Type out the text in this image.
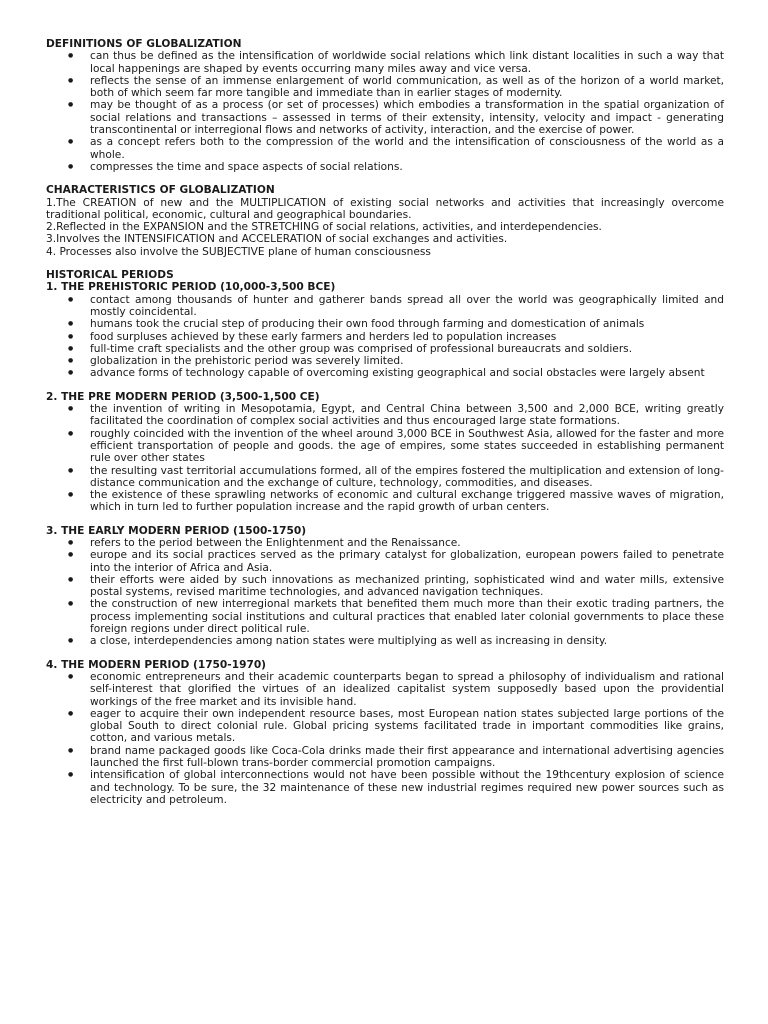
DEFINITIONS OF GLOBALIZATION

● can thus be defined as the intensification of worldwide social relations which link distant localities in such a way that local happenings are shaped by events occurring many miles away and vice versa.
● reflects the sense of an immense enlargement of world communication, as well as of the horizon of a world market, both of which seem far more tangible and immediate than in earlier stages of modernity.
● may be thought of as a process (or set of processes) which embodies a transformation in the spatial organization of social relations and transactions – assessed in terms of their extensity, intensity, velocity and impact - generating transcontinental or interregional flows and networks of activity, interaction, and the exercise of power.
● as a concept refers both to the compression of the world and the intensification of consciousness of the world as a whole.
● compresses the time and space aspects of social relations.

CHARACTERISTICS OF GLOBALIZATION

1.The CREATION of new and the MULTIPLICATION of existing social networks and activities that increasingly overcome traditional political, economic, cultural and geographical boundaries.

2.Reflected in the EXPANSION and the STRETCHING of social relations, activities, and interdependencies.

3.Involves the INTENSIFICATION and ACCELERATION of social exchanges and activities.

4. Processes also involve the SUBJECTIVE plane of human consciousness

HISTORICAL PERIODS

1. THE PREHISTORIC PERIOD (10,000-3,500 BCE)

● contact among thousands of hunter and gatherer bands spread all over the world was geographically limited and mostly coincidental.
● humans took the crucial step of producing their own food through farming and domestication of animals
● food surpluses achieved by these early farmers and herders led to population increases
● full-time craft specialists and the other group was comprised of professional bureaucrats and soldiers.
● globalization in the prehistoric period was severely limited.
● advance forms of technology capable of overcoming existing geographical and social obstacles were largely absent

2. THE PRE MODERN PERIOD (3,500-1,500 CE)

● the invention of writing in Mesopotamia, Egypt, and Central China between 3,500 and 2,000 BCE, writing greatly facilitated the coordination of complex social activities and thus encouraged large state formations.
● roughly coincided with the invention of the wheel around 3,000 BCE in Southwest Asia, allowed for the faster and more efficient transportation of people and goods. the age of empires, some states succeeded in establishing permanent rule over other states
● the resulting vast territorial accumulations formed, all of the empires fostered the multiplication and extension of long-distance communication and the exchange of culture, technology, commodities, and diseases.
● the existence of these sprawling networks of economic and cultural exchange triggered massive waves of migration, which in turn led to further population increase and the rapid growth of urban centers.

3. THE EARLY MODERN PERIOD (1500-1750)

● refers to the period between the Enlightenment and the Renaissance.
● europe and its social practices served as the primary catalyst for globalization, european powers failed to penetrate into the interior of Africa and Asia.
● their efforts were aided by such innovations as mechanized printing, sophisticated wind and water mills, extensive postal systems, revised maritime technologies, and advanced navigation techniques.
● the construction of new interregional markets that benefited them much more than their exotic trading partners, the process implementing social institutions and cultural practices that enabled later colonial governments to place these foreign regions under direct political rule.
● a close, interdependencies among nation states were multiplying as well as increasing in density.

4. THE MODERN PERIOD (1750-1970)

● economic entrepreneurs and their academic counterparts began to spread a philosophy of individualism and rational self-interest that glorified the virtues of an idealized capitalist system supposedly based upon the providential workings of the free market and its invisible hand.
● eager to acquire their own independent resource bases, most European nation states subjected large portions of the global South to direct colonial rule. Global pricing systems facilitated trade in important commodities like grains, cotton, and various metals.
● brand name packaged goods like Coca-Cola drinks made their first appearance and international advertising agencies launched the first full-blown trans-border commercial promotion campaigns.
● intensification of global interconnections would not have been possible without the 19thcentury explosion of science and technology. To be sure, the 32 maintenance of these new industrial regimes required new power sources such as electricity and petroleum.
